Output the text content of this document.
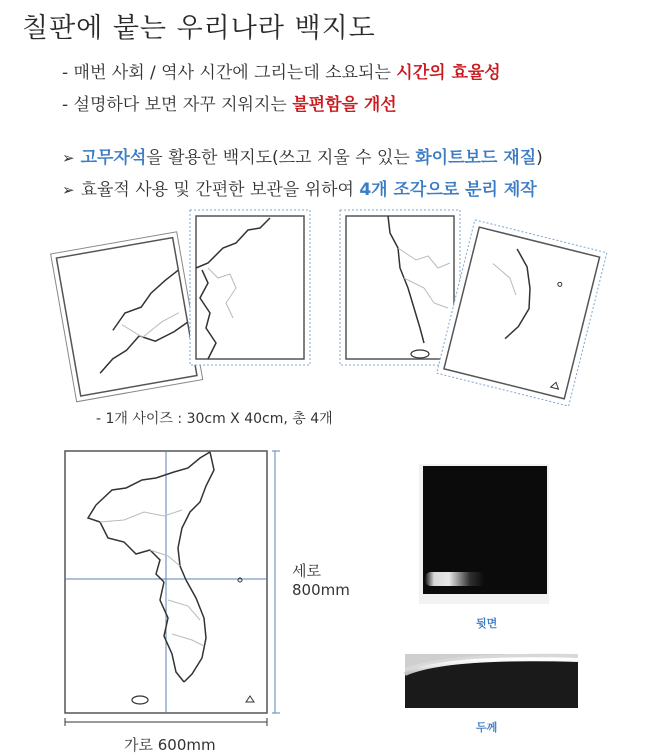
칠판에 붙는 우리나라 백지도
- 매번 사회 / 역사 시간에 그리는데 소요되는 시간의 효율성
- 설명하다 보면 자꾸 지워지는 불편함을 개선
➢ 고무자석을 활용한 백지도(쓰고 지울 수 있는 화이트보드 재질)
➢ 효율적 사용 및 간편한 보관을 위하여 4개 조각으로 분리 제작
- 1개 사이즈 : 30cm X 40cm, 총 4개
세로
800mm
가로 600mm
뒷면
두께
